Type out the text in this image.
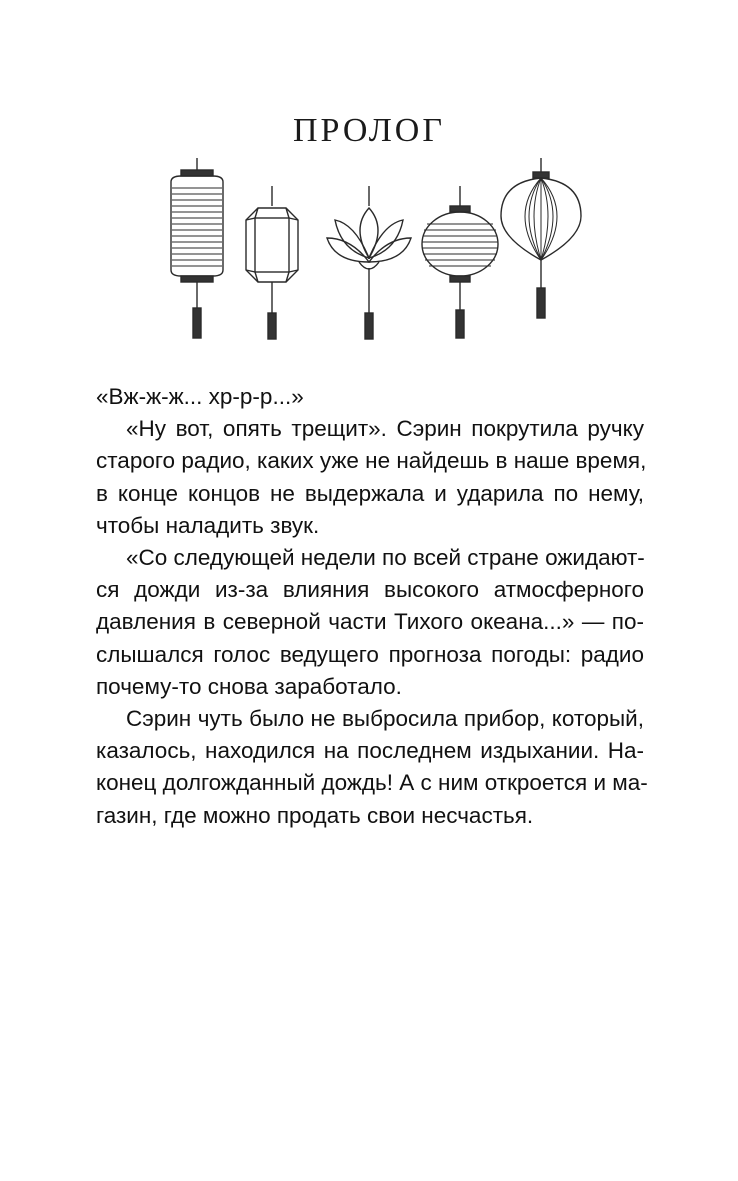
ПРОЛОГ
«Вж-ж-ж... хр-р-р...»
«Ну вот, опять трещит». Сэрин покрутила ручку
старого радио, каких уже не найдешь в наше время,
в конце концов не выдержала и ударила по нему,
чтобы наладить звук.
«Со следующей недели по всей стране ожидают-
ся дожди из-за влияния высокого атмосферного
давления в северной части Тихого океана...» — по-
слышался голос ведущего прогноза погоды: радио
почему-то снова заработало.
Сэрин чуть было не выбросила прибор, который,
казалось, находился на последнем издыхании. На-
конец долгожданный дождь! А с ним откроется и ма-
газин, где можно продать свои несчастья.
